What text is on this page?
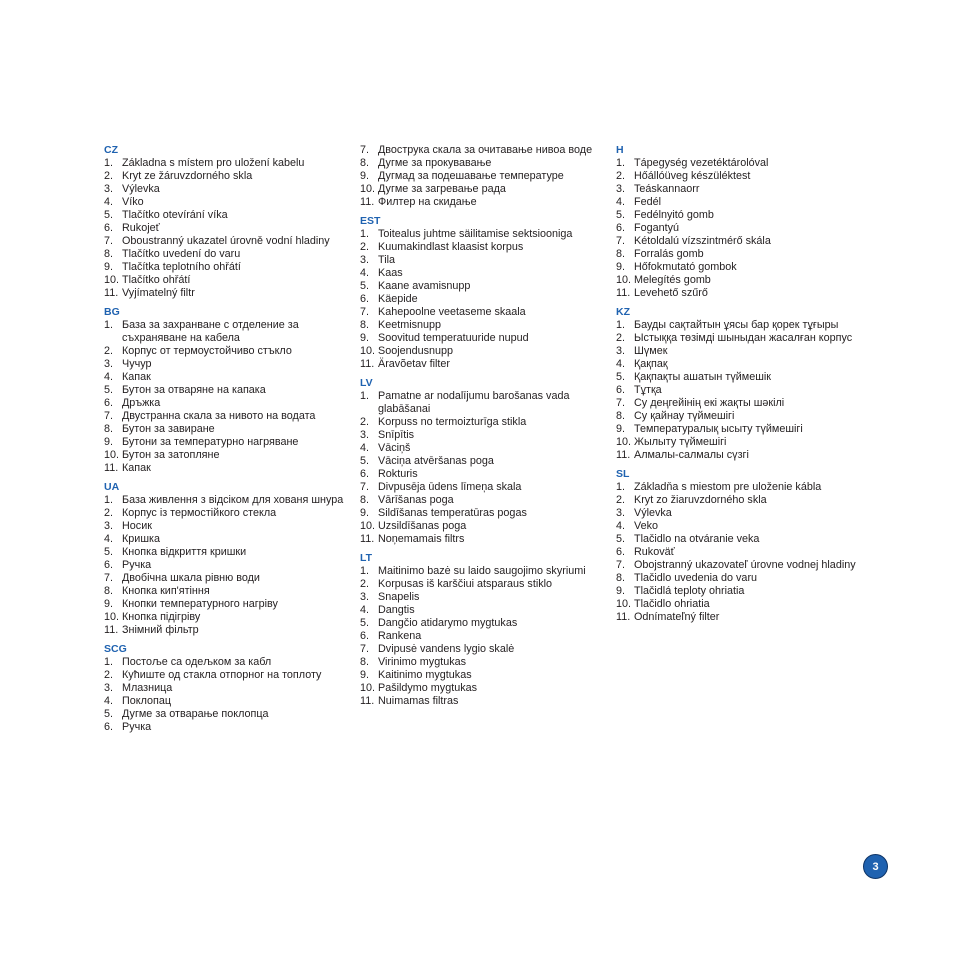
CZ
1. Základna s místem pro uložení kabelu
2. Kryt ze žáruvzdorného skla
3. Výlevka
4. Víko
5. Tlačítko otevírání víka
6. Rukojeť
7. Oboustranný ukazatel úrovně vodní hladiny
8. Tlačítko uvedení do varu
9. Tlačítka teplotního ohřátí
10. Tlačítko ohřátí
11. Vyjímatelný filtr
BG
1. База за захранване с отделение за съхраняване на кабела
2. Корпус от термоустойчиво стъкло
3. Чучур
4. Капак
5. Бутон за отваряне на капака
6. Дръжка
7. Двустранна скала за нивото на водата
8. Бутон за завиране
9. Бутони за температурно нагряване
10. Бутон за затопляне
11. Капак
UA
1. База живлення з відсіком для хованя шнура
2. Корпус із термостійкого стекла
3. Носик
4. Кришка
5. Кнопка відкриття кришки
6. Ручка
7. Двобічна шкала рівню води
8. Кнопка кип'ятіння
9. Кнопки температурного нагріву
10. Кнопка підігріву
11. Знімний фільтр
SCG
1. Постоље са одељком за кабл
2. Кућиште од стакла отпорног на топлоту
3. Млазница
4. Поклопац
5. Дугме за отварање поклопца
6. Ручка
7. Двострука скала за очитавање нивоа воде
8. Дугме за прокувавање
9. Дугмад за подешавање температуре
10. Дугме за загревање рада
11. Филтер на скидање
EST
1. Toitealus juhtme säilitamise sektsiooniga
2. Kuumakindlast klaasist korpus
3. Tila
4. Kaas
5. Kaane avamisnupp
6. Käepide
7. Kahepoolne veetaseme skaala
8. Keetmisnupp
9. Soovitud temperatuuride nupud
10. Soojendusnupp
11. Äravõetav filter
LV
1. Pamatne ar nodalījumu barošanas vada glabāšanai
2. Korpuss no termoizturīga stikla
3. Snīpītis
4. Vāciņš
5. Vāciņa atvēršanas poga
6. Rokturis
7. Divpusēja ūdens līmeņa skala
8. Vārīšanas poga
9. Sildīšanas temperatūras pogas
10. Uzsildīšanas poga
11. Noņemamais filtrs
LT
1. Maitinimo bazė su laido saugojimo skyriumi
2. Korpusas iš karščiui atsparaus stiklo
3. Snapelis
4. Dangtis
5. Dangčio atidarymo mygtukas
6. Rankena
7. Dvipusė vandens lygio skalė
8. Virinimo mygtukas
9. Kaitinimo mygtukas
10. Pašildymo mygtukas
11. Nuimamas filtras
H
1. Tápegység vezetéktárolóval
2. Hőállóüveg készüléktest
3. Teáskannaorr
4. Fedél
5. Fedélnyitó gomb
6. Fogantyú
7. Kétoldalú vízszintmérő skála
8. Forralás gomb
9. Hőfokmutató gombok
10. Melegítés gomb
11. Levehető szűrő
KZ
1. Бауды сақтайтын ұясы бар қорек тұғыры
2. Ыстыққа төзімді шыныдан жасалған корпус
3. Шүмек
4. Қақпақ
5. Қақпақты ашатын түймешік
6. Тұтқа
7. Су деңгейінің екі жақты шәкілі
8. Су қайнау түймешігі
9. Температуралық ысыту түймешігі
10. Жылыту түймешігі
11. Алмалы-салмалы сүзгі
SL
1. Základňa s miestom pre uloženie kábla
2. Kryt zo žiaruvzdorného skla
3. Výlevka
4. Veko
5. Tlačidlo na otváranie veka
6. Rukoväť
7. Obojstranný ukazovateľ úrovne vodnej hladiny
8. Tlačidlo uvedenia do varu
9. Tlačidlá teploty ohriatia
10. Tlačidlo ohriatia
11. Odnímateľný filter
3
